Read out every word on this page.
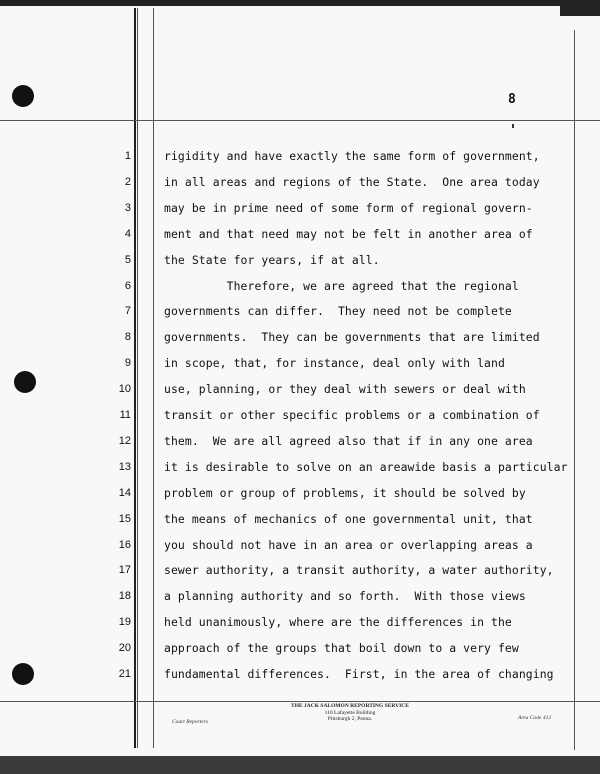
8
1	rigidity and have exactly the same form of government,
2	in all areas and regions of the State.  One area today
3	may be in prime need of some form of regional govern-
4	ment and that need may not be felt in another area of
5	the State for years, if at all.
6	Therefore, we are agreed that the regional
7	governments can differ.  They need not be complete
8	governments.  They can be governments that are limited
9	in scope, that, for instance, deal only with land
10	use, planning, or they deal with sewers or deal with
11	transit or other specific problems or a combination of
12	them.  We are all agreed also that if in any one area
13	it is desirable to solve on an areawide basis a particular
14	problem or group of problems, it should be solved by
15	the means of mechanics of one governmental unit, that
16	you should not have in an area or overlapping areas a
17	sewer authority, a transit authority, a water authority,
18	a planning authority and so forth.  With those views
19	held unanimously, where are the differences in the
20	approach of the groups that boil down to a very few
21	fundamental differences.  First, in the area of changing
THE JACK SALOMON REPORTING SERVICE
110 Lafayette Building
Pittsburgh 2, Penna.
Court Reporters
Area Code 412
